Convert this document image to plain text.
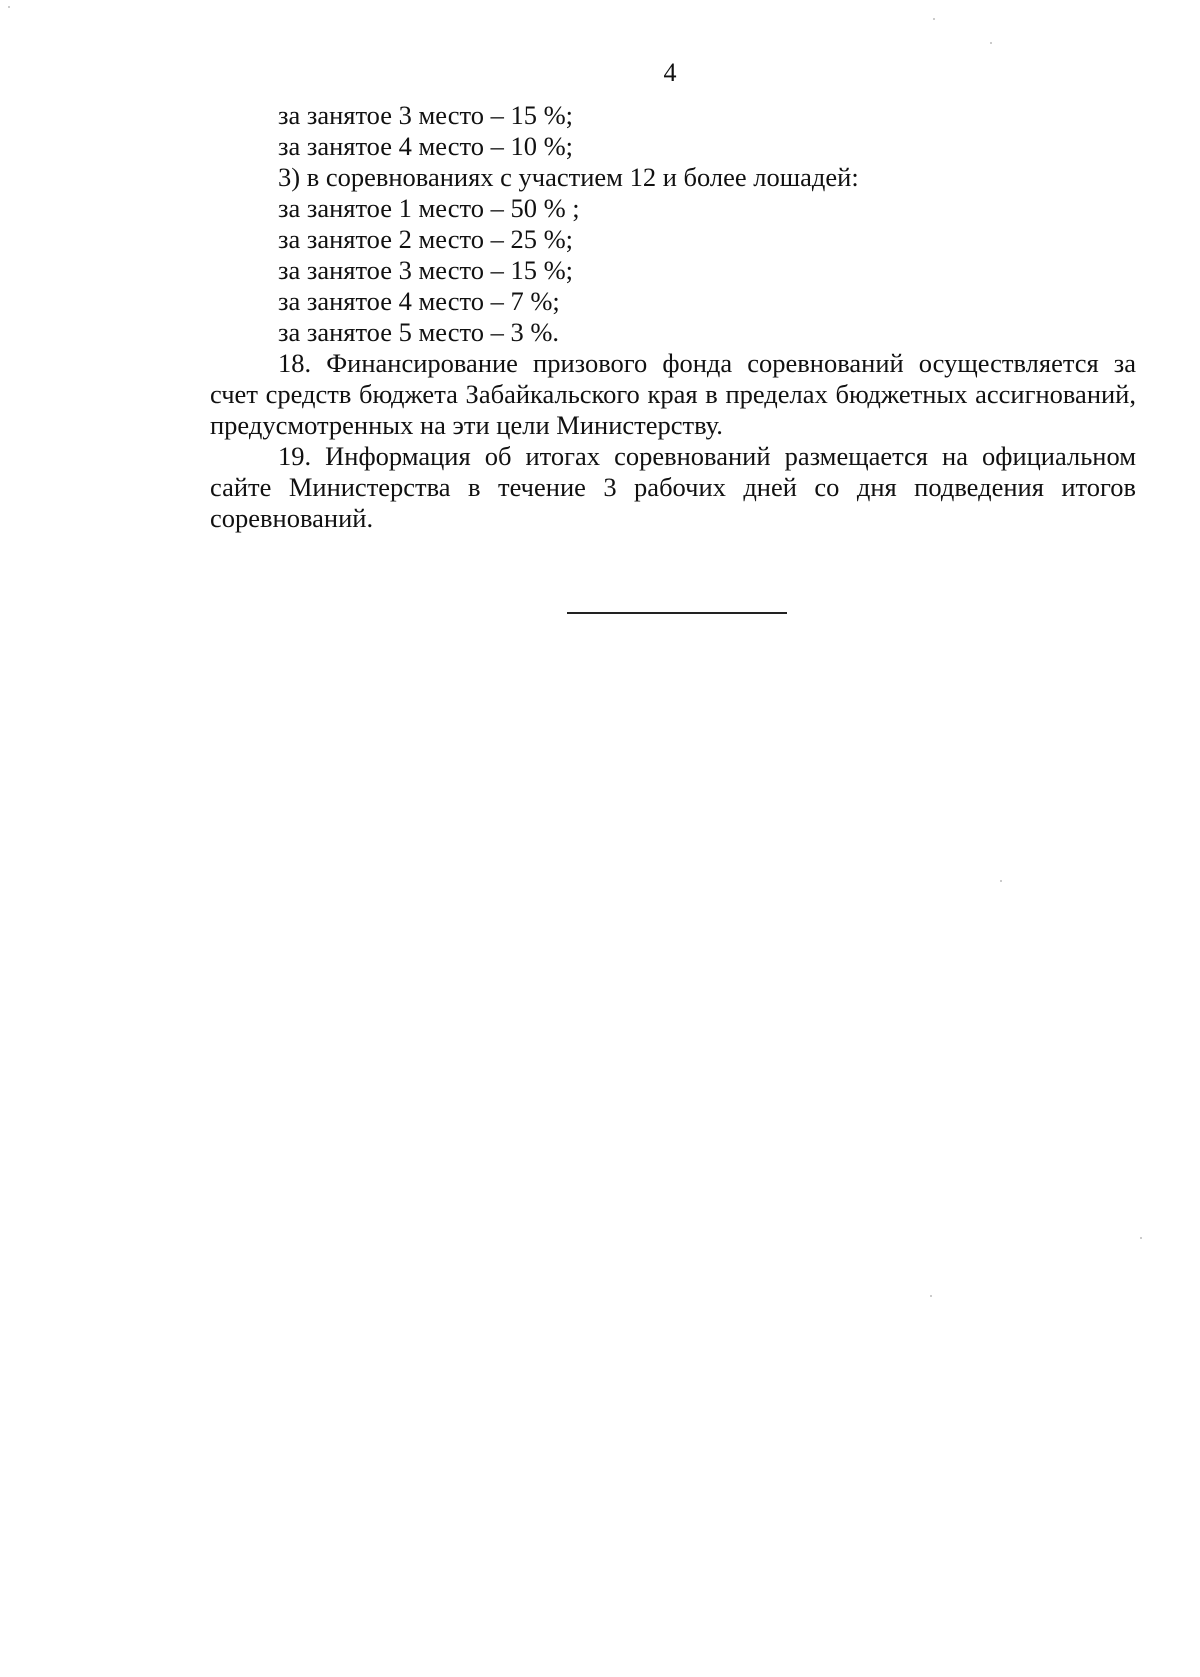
4

за занятое 3 место – 15 %;

за занятое 4 место – 10 %;

3) в соревнованиях с участием 12 и более лошадей:

за занятое 1 место – 50 % ;

за занятое 2 место – 25 %;

за занятое 3 место – 15 %;

за занятое 4 место – 7 %;

за занятое 5 место – 3 %.

18. Финансирование призового фонда соревнований осуществляется за счет средств бюджета Забайкальского края в пределах бюджетных ассигнований, предусмотренных на эти цели Министерству.

19. Информация об итогах соревнований размещается на официальном сайте Министерства в течение 3 рабочих дней со дня подведения итогов соревнований.
